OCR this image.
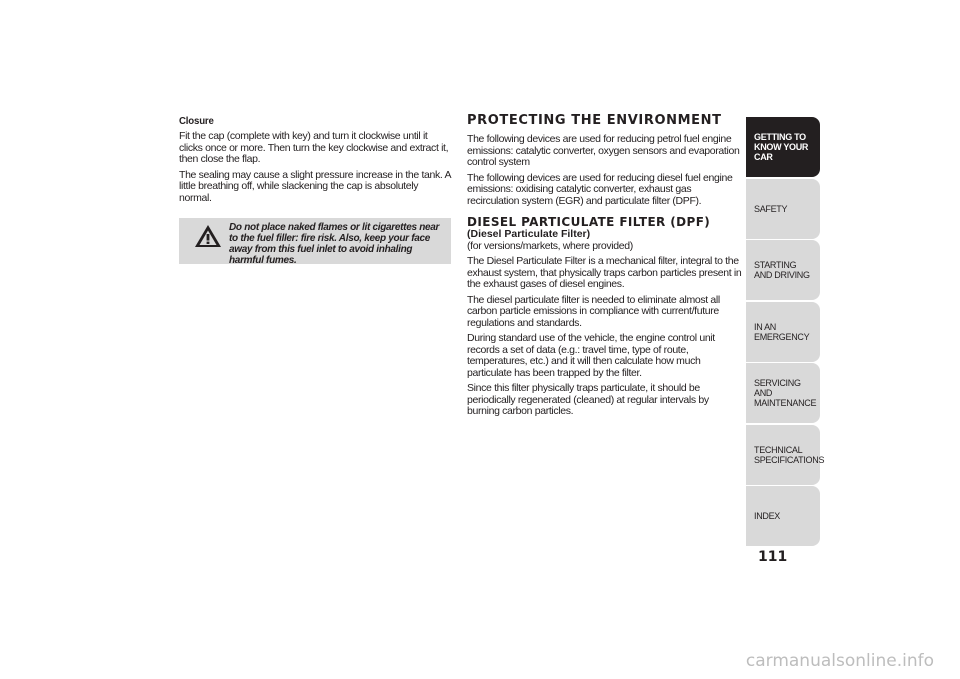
Closure

Fit the cap (complete with key) and turn it clockwise until it clicks once or more. Then turn the key clockwise and extract it, then close the flap.

The sealing may cause a slight pressure increase in the tank. A little breathing off, while slackening the cap is absolutely normal.

Do not place naked flames or lit cigarettes near to the fuel filler: fire risk. Also, keep your face away from this fuel inlet to avoid inhaling harmful fumes.
PROTECTING THE ENVIRONMENT

The following devices are used for reducing petrol fuel engine emissions: catalytic converter, oxygen sensors and evaporation control system

The following devices are used for reducing diesel fuel engine emissions: oxidising catalytic converter, exhaust gas recirculation system (EGR) and particulate filter (DPF).

DIESEL PARTICULATE FILTER (DPF)
(Diesel Particulate Filter)

(for versions/markets, where provided)

The Diesel Particulate Filter is a mechanical filter, integral to the exhaust system, that physically traps carbon particles present in the exhaust gases of diesel engines.

The diesel particulate filter is needed to eliminate almost all carbon particle emissions in compliance with current/future regulations and standards.

During standard use of the vehicle, the engine control unit records a set of data (e.g.: travel time, type of route, temperatures, etc.) and it will then calculate how much particulate has been trapped by the filter.

Since this filter physically traps particulate, it should be periodically regenerated (cleaned) at regular intervals by burning carbon particles.

GETTING TO KNOW YOUR CAR
SAFETY
STARTING AND DRIVING
IN AN EMERGENCY
SERVICING AND MAINTENANCE
TECHNICAL SPECIFICATIONS
INDEX
111
carmanualsonline.info
